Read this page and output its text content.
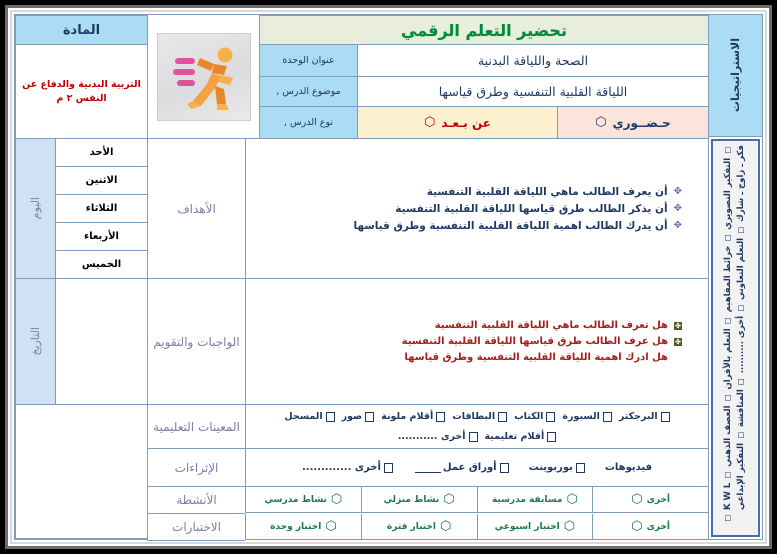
الاستراتيجيات
◻ التفكير التصويري ◻ خرائط المفاهيم ◻ التعلم بالأقران ◻ العصف الذهني ◻ K W L ◻ فكر ـ زاوج ـ شارك ◻ التعلم التعاوني ◻ أخرى .......... ◻ المناقشة ◻ التفكير الإبداعي
تحضير التعلم الرقمي
الصحة واللياقة البدنية
عنوان الوحدة
اللياقة القلبية التنفسية وطرق قياسها
موضوع الدرس ,
حـضــوري
⬡
عن بـعـد
⬡
نوع الدرس ,
المادة
التربية البدنية والدفاع عن النفس ٢ م
✥
أن يعرف الطالب ماهي اللياقة القلبية التنفسية
✥
أن يذكر الطالب طرق قياسها اللياقة القلبية التنفسية
✥
أن يدرك الطالب اهمية اللياقة القلبية التنفسية وطرق قياسها
الأهداف
✤
هل تعرف الطالب ماهي اللياقة القلبية التنفسية
✤
هل عرف الطالب طرق قياسها اللياقة القلبية التنفسية
هل ادرك اهمية اللياقة القلبية التنفسية وطرق قياسها
الواجبات والتقويم
البرجكتر
السبورة
الكتاب
البطاقات
أقلام ملونة
صور
المسجل
أفلام تعليمية
أخرى ...........
المعينات التعليمية
فيديوهات
بوربوينت
أوراق عمل
أخرى .............
الإثراءات
أخرى
⬡
⬡
مسابقة مدرسية
⬡
نشاط منزلي
⬡
نشاط مدرسي
الأنشطة
أخرى
⬡
⬡
اختبار اسبوعي
⬡
اختبار فترة
⬡
اختبار وحدة
الاختبارات
الأحد
الاثنين
الثلاثاء
الأربعاء
الخميس
اليوم
التاريخ
